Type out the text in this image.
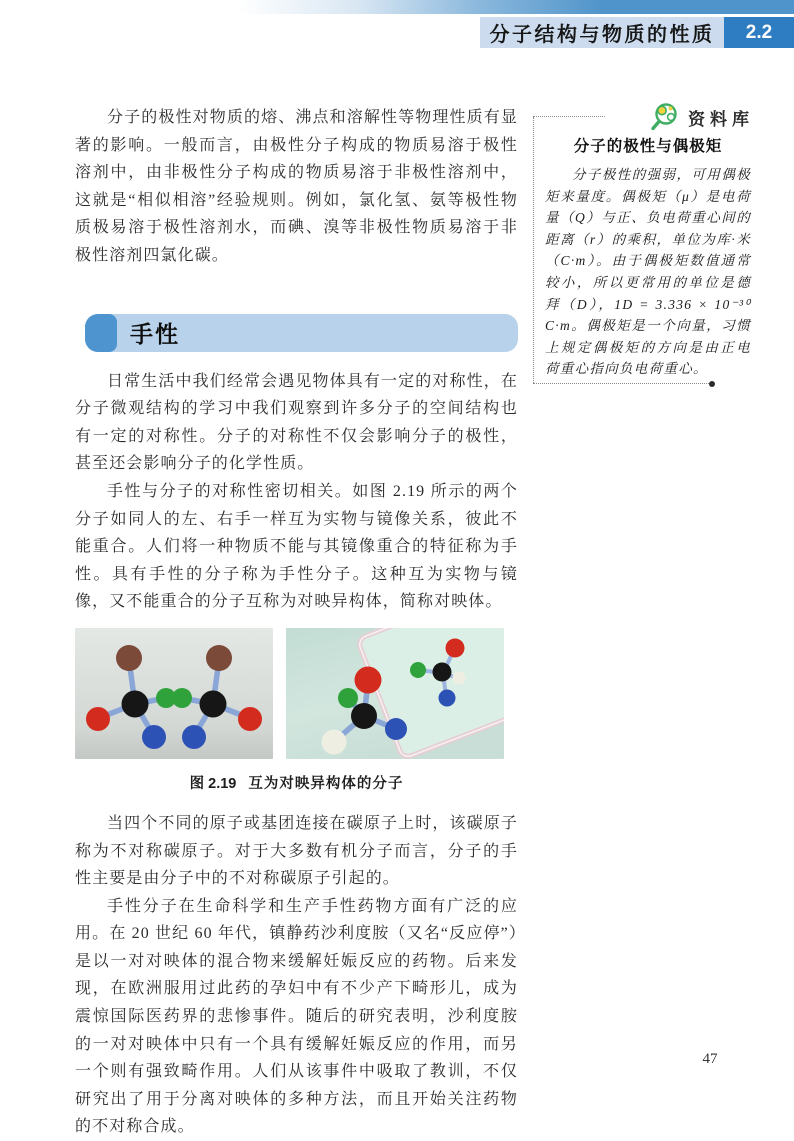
分子结构与物质的性质	2.2

分子的极性对物质的熔、沸点和溶解性等物理性质有显著的影响。一般而言，由极性分子构成的物质易溶于极性溶剂中，由非极性分子构成的物质易溶于非极性溶剂中，这就是“相似相溶”经验规则。例如，氯化氢、氨等极性物质极易溶于极性溶剂水，而碘、溴等非极性物质易溶于非极性溶剂四氯化碳。

手性

日常生活中我们经常会遇见物体具有一定的对称性，在分子微观结构的学习中我们观察到许多分子的空间结构也有一定的对称性。分子的对称性不仅会影响分子的极性，甚至还会影响分子的化学性质。

手性与分子的对称性密切相关。如图 2.19 所示的两个分子如同人的左、右手一样互为实物与镜像关系，彼此不能重合。人们将一种物质不能与其镜像重合的特征称为手性。具有手性的分子称为手性分子。这种互为实物与镜像，又不能重合的分子互称为对映异构体，简称对映体。

图 2.19 互为对映异构体的分子

当四个不同的原子或基团连接在碳原子上时，该碳原子称为不对称碳原子。对于大多数有机分子而言，分子的手性主要是由分子中的不对称碳原子引起的。

手性分子在生命科学和生产手性药物方面有广泛的应用。在 20 世纪 60 年代，镇静药沙利度胺（又名“反应停”）是以一对对映体的混合物来缓解妊娠反应的药物。后来发现，在欧洲服用过此药的孕妇中有不少产下畸形儿，成为震惊国际医药界的悲惨事件。随后的研究表明，沙利度胺的一对对映体中只有一个具有缓解妊娠反应的作用，而另一个则有强致畸作用。人们从该事件中吸取了教训，不仅研究出了用于分离对映体的多种方法，而且开始关注药物的不对称合成。

资料库
分子的极性与偶极矩

分子极性的强弱，可用偶极矩来量度。偶极矩（μ）是电荷量（Q）与正、负电荷重心间的距离（r）的乘积，单位为库·米（C·m）。由于偶极矩数值通常较小，所以更常用的单位是德拜（D），1D = 3.336 × 10⁻³⁰ C·m。偶极矩是一个向量，习惯上规定偶极矩的方向是由正电荷重心指向负电荷重心。

47
